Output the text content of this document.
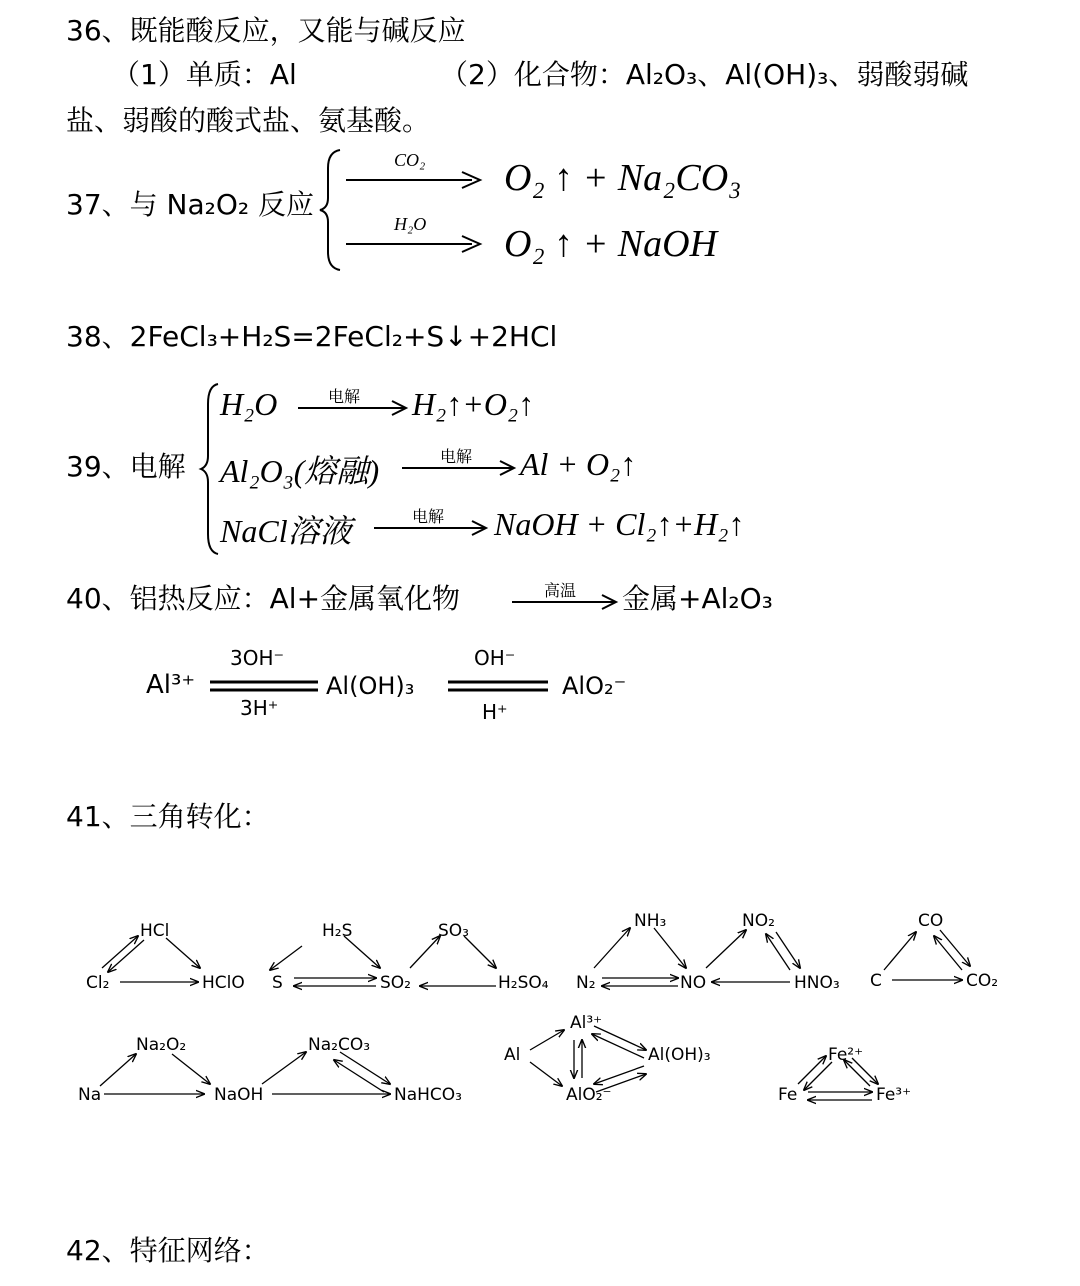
36、既能酸反应，又能与碱反应
（1）单质：Al	（2）化合物：Al₂O₃、Al(OH)₃、弱酸弱碱
盐、弱酸的酸式盐、氨基酸。
37、与 Na₂O₂ 反应
CO₂ O₂ ↑ + Na₂CO₃
H₂O O₂ ↑ + NaOH
38、2FeCl₃+H₂S=2FeCl₂+S↓+2HCl
39、电解
H₂O	电解 H₂↑+O₂↑
Al₂O₃(熔融)	电解 Al + O₂↑
NaCl溶液	电解 NaOH + Cl₂↑+H₂↑
40、铝热反应：Al+金属氧化物	高温 金属+Al₂O₃
Al³⁺
3OH⁻
3H⁺
Al(OH)₃
OH⁻
H⁺
AlO₂⁻
41、三角转化：
HCl
Cl₂	HClO
H₂S
S	SO₂
SO₃
H₂SO₄
NH₃
N₂	NO
NO₂
HNO₃
CO
C	CO₂
Na₂O₂
Na	NaOH
Na₂CO₃
NaHCO₃
Al
Al³⁺
Al(OH)₃
AlO₂⁻
Fe²⁺
Fe	Fe³⁺
42、特征网络：
